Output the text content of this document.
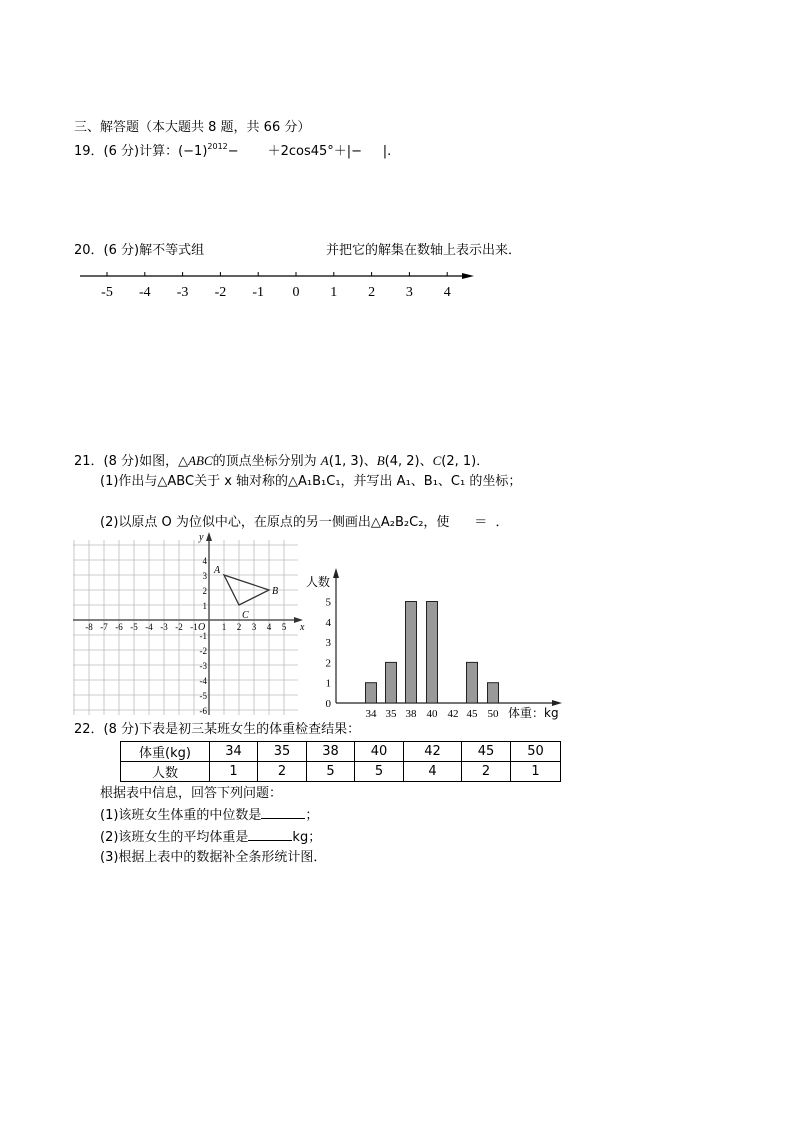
三、解答题（本大题共 8 题，共 66 分）
19．(6 分)计算：$(-1)^{2012}-$       ＋2cos45°＋|−     |.
20．(6 分)解不等式组	并把它的解集在数轴上表示出来．
-5 -4 -3 -2 -1 0 1 2 3 4
x
y
O
-8 -7 -6 -5 -4 -3 -2 -1	1 2 3 4 5
4
3
2
1
-1
-2
-3
-4
-5
-6
A
B
C
人数
体重：kg
0
1
2
3
4
5
34 35 38 40 42 45 50
21．(8 分)如图，△ABC的顶点坐标分别为 A(1, 3)、B(4, 2)、C(2, 1)．
(1)作出与△ABC关于 x 轴对称的△A₁B₁C₁，并写出 A₁、B₁、C₁ 的坐标；
(2)以原点 O 为位似中心，在原点的另一侧画出△A₂B₂C₂，使      ＝  ．
22．(8 分)下表是初三某班女生的体重检查结果：
体重(kg)	34	35	38	40	42	45	50
人数	1	2	5	5	4	2	1
根据表中信息，回答下列问题：
(1)该班女生体重的中位数是	；
(2)该班女生的平均体重是	kg；
(3)根据上表中的数据补全条形统计图．
